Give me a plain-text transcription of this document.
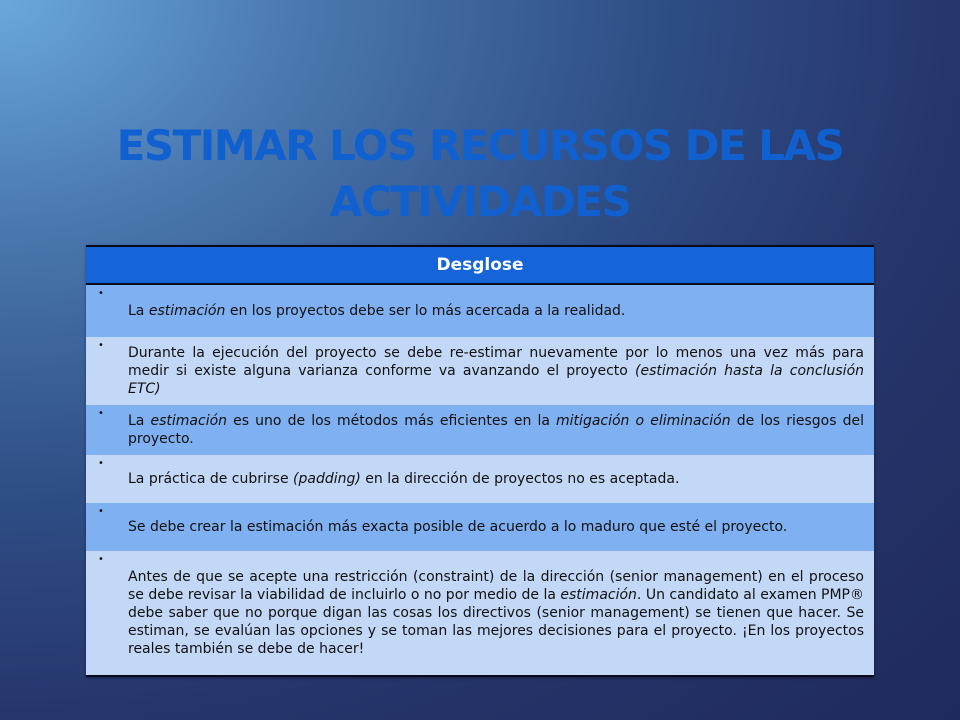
ESTIMAR LOS RECURSOS DE LAS ACTIVIDADES
Desglose
•
La estimación en los proyectos debe ser lo más acercada a la realidad.
•	Durante la ejecución del proyecto se debe re-estimar nuevamente por lo menos una vez más para medir si existe alguna varianza conforme va avanzando el proyecto (estimación hasta la conclusión ETC)
•	La estimación es uno de los métodos más eficientes en la mitigación o eliminación de los riesgos del proyecto.
•
La práctica de cubrirse (padding) en la dirección de proyectos no es aceptada.
•
Se debe crear la estimación más exacta posible de acuerdo a lo maduro que esté el proyecto.
•
Antes de que se acepte una restricción (constraint) de la dirección (senior management) en el proceso se debe revisar la viabilidad de incluirlo o no por medio de la estimación. Un candidato al examen PMP® debe saber que no porque digan las cosas los directivos (senior management) se tienen que hacer. Se estiman, se evalúan las opciones y se toman las mejores decisiones para el proyecto. ¡En los proyectos reales también se debe de hacer!
